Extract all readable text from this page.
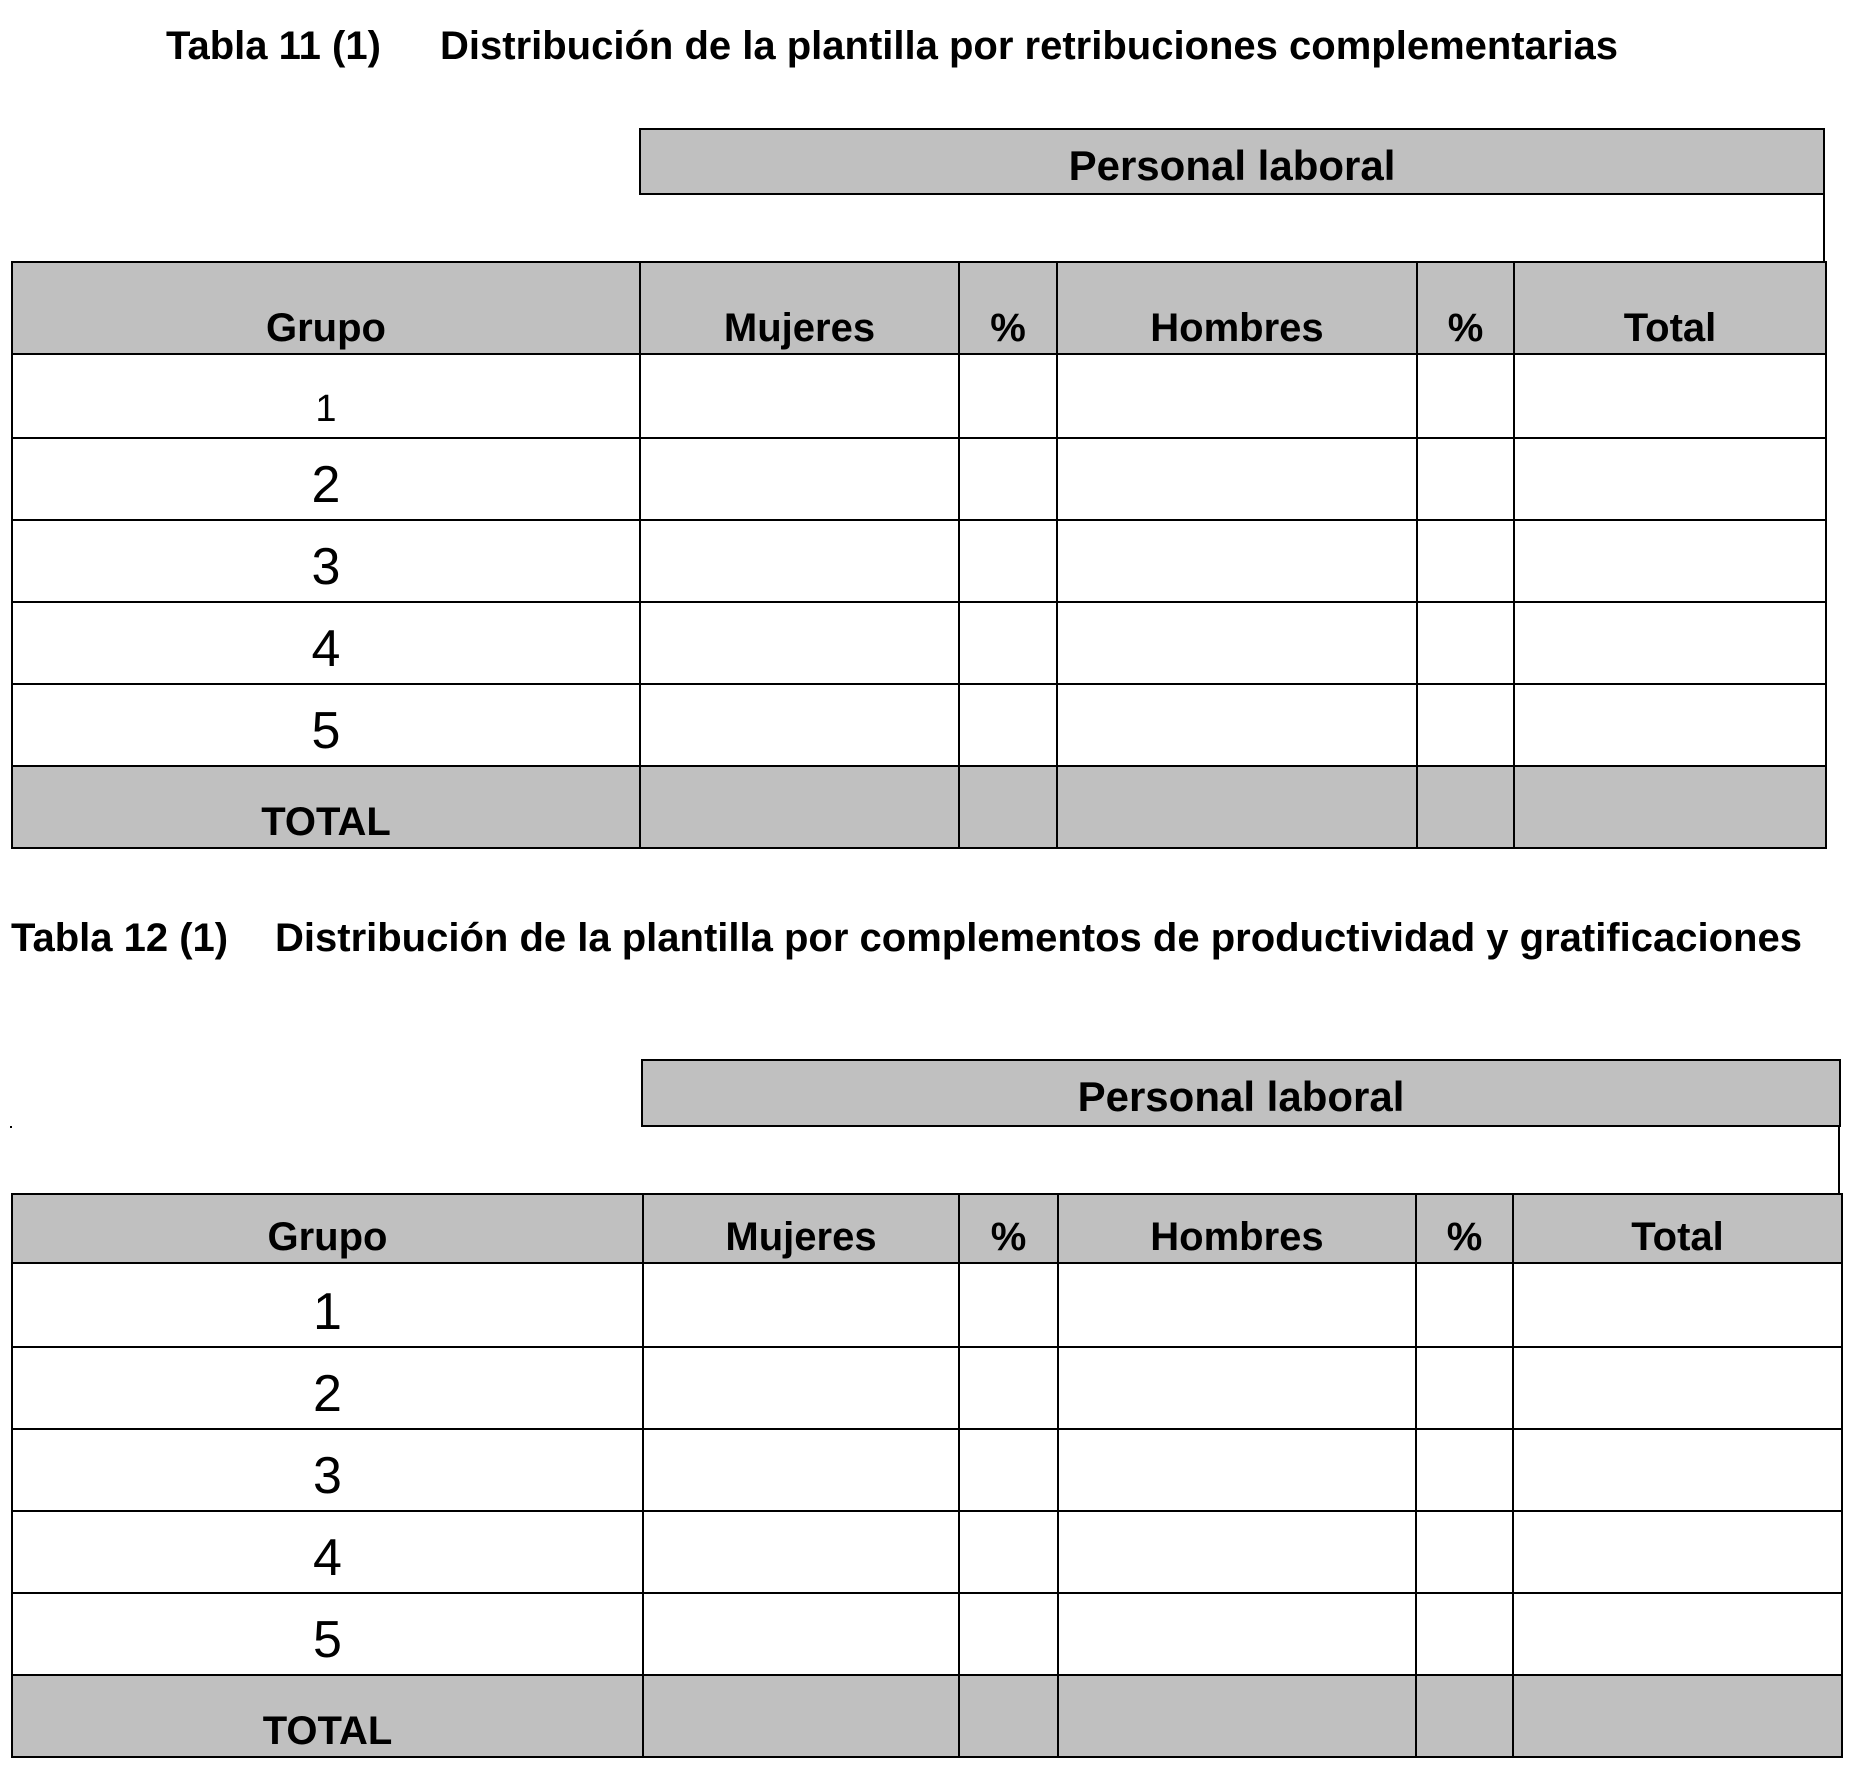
Tabla 11 (1) Distribución de la plantilla por retribuciones complementarias
Personal laboral
Grupo	Mujeres	%	Hombres	%	Total
1					
2					
3					
4					
5					
TOTAL					
Tabla 12 (1) Distribución de la plantilla por complementos de productividad y gratificaciones
Personal laboral
Grupo	Mujeres	%	Hombres	%	Total
1					
2					
3					
4					
5					
TOTAL					
